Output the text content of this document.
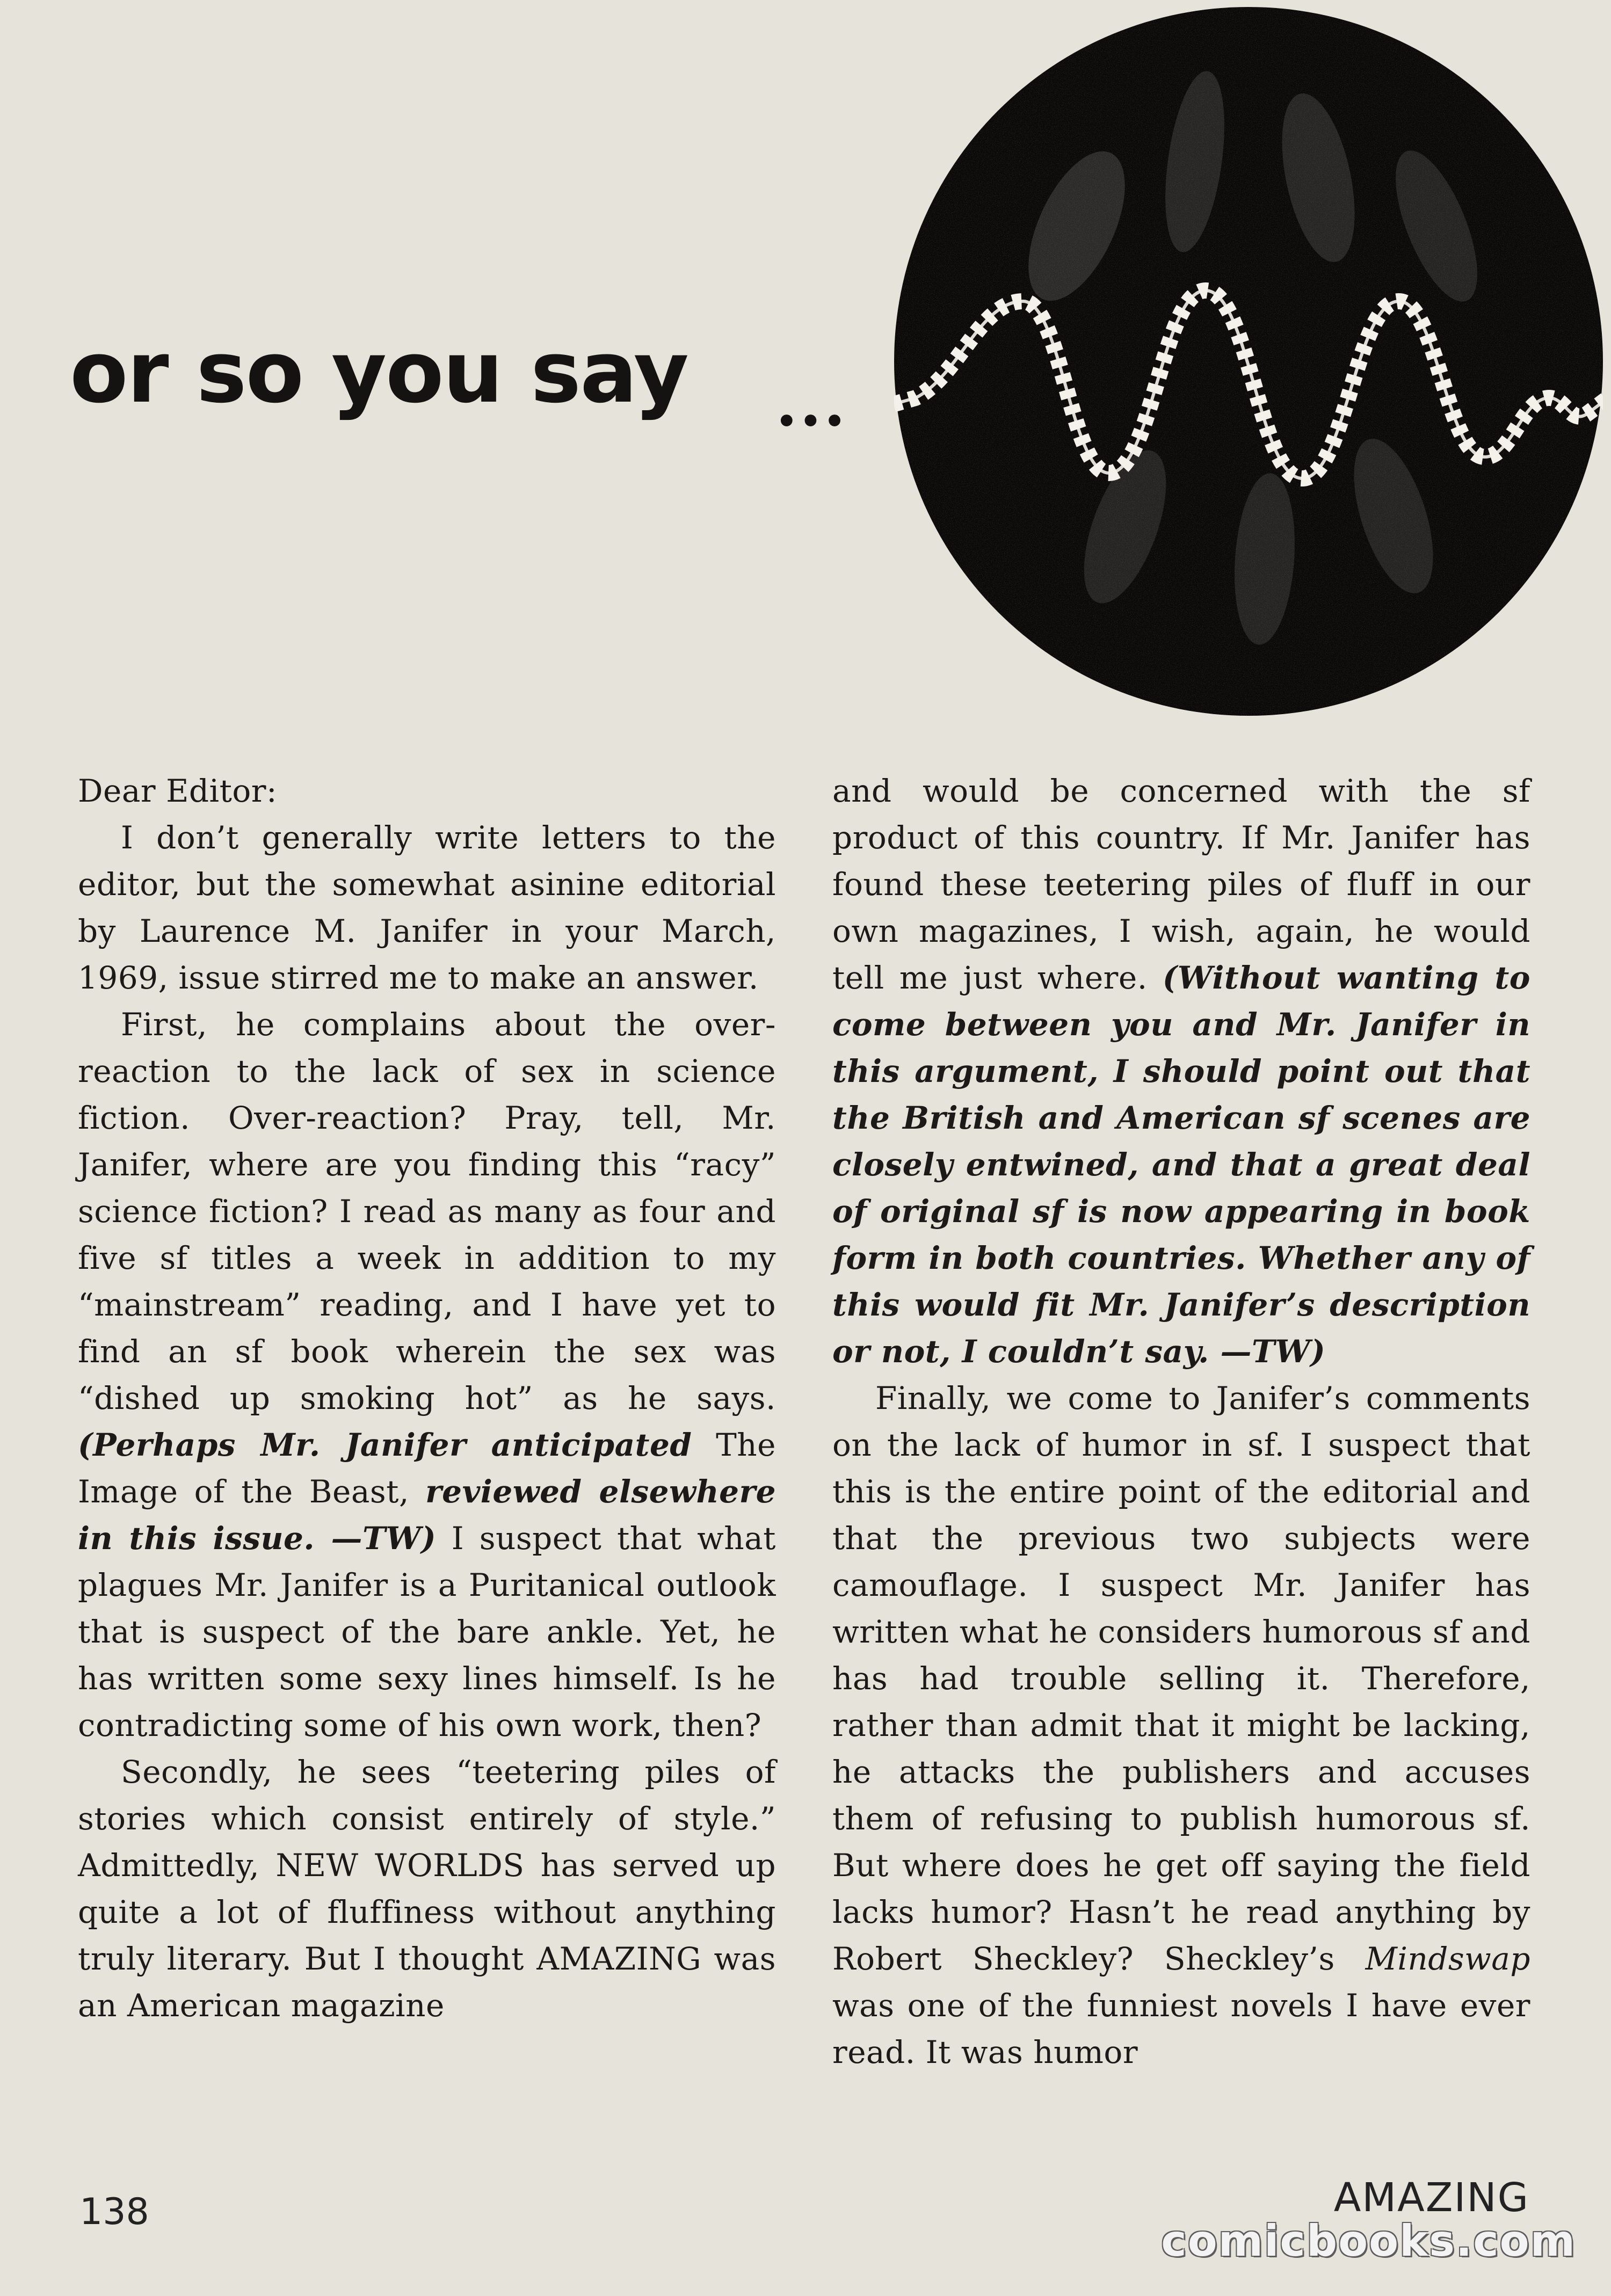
or so you say	•••

Dear Editor:

I don’t generally write letters to the editor, but the somewhat asinine editorial by Laurence M. Janifer in your March, 1969, issue stirred me to make an answer.

First, he complains about the over-reaction to the lack of sex in science fiction. Over-reaction? Pray, tell, Mr. Janifer, where are you finding this “racy” science fiction? I read as many as four and five sf titles a week in addition to my “mainstream” reading, and I have yet to find an sf book wherein the sex was “dished up smoking hot” as he says. (Perhaps Mr. Janifer anticipated The Image of the Beast, reviewed elsewhere in this issue. —TW) I suspect that what plagues Mr. Janifer is a Puritanical outlook that is suspect of the bare ankle. Yet, he has written some sexy lines himself. Is he contradicting some of his own work, then?

Secondly, he sees “teetering piles of stories which consist entirely of style.” Admittedly, NEW WORLDS has served up quite a lot of fluffiness without anything truly literary. But I thought AMAZING was an American magazine

and would be concerned with the sf product of this country. If Mr. Janifer has found these teetering piles of fluff in our own magazines, I wish, again, he would tell me just where. (Without wanting to come between you and Mr. Janifer in this argument, I should point out that the British and American sf scenes are closely entwined, and that a great deal of original sf is now appearing in book form in both countries. Whether any of this would fit Mr. Janifer’s description or not, I couldn’t say. —TW)

Finally, we come to Janifer’s comments on the lack of humor in sf. I suspect that this is the entire point of the editorial and that the previous two subjects were camouflage. I suspect Mr. Janifer has written what he considers humorous sf and has had trouble selling it. Therefore, rather than admit that it might be lacking, he attacks the publishers and accuses them of refusing to publish humorous sf. But where does he get off saying the field lacks humor? Hasn’t he read anything by Robert Sheckley? Sheckley’s Mindswap was one of the funniest novels I have ever read. It was humor

138	AMAZING
comicbooks.com
